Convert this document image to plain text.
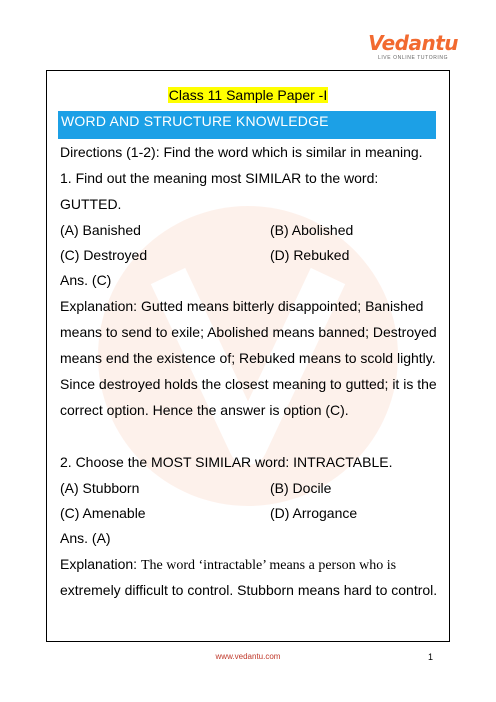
Vedantu
LIVE ONLINE TUTORING
Class 11 Sample Paper -I
WORD AND STRUCTURE KNOWLEDGE
Directions (1-2): Find the word which is similar in meaning.
1. Find out the meaning most SIMILAR to the word:
GUTTED.
(A) Banished	(B) Abolished
(C) Destroyed	(D) Rebuked
Ans. (C)
Explanation: Gutted means bitterly disappointed; Banished
means to send to exile; Abolished means banned; Destroyed
means end the existence of; Rebuked means to scold lightly.
Since destroyed holds the closest meaning to gutted; it is the
correct option. Hence the answer is option (C).
2. Choose the MOST SIMILAR word: INTRACTABLE.
(A) Stubborn	(B) Docile
(C) Amenable	(D) Arrogance
Ans. (A)
Explanation: The word ‘intractable’ means a person who is
extremely difficult to control. Stubborn means hard to control.
www.vedantu.com	1
